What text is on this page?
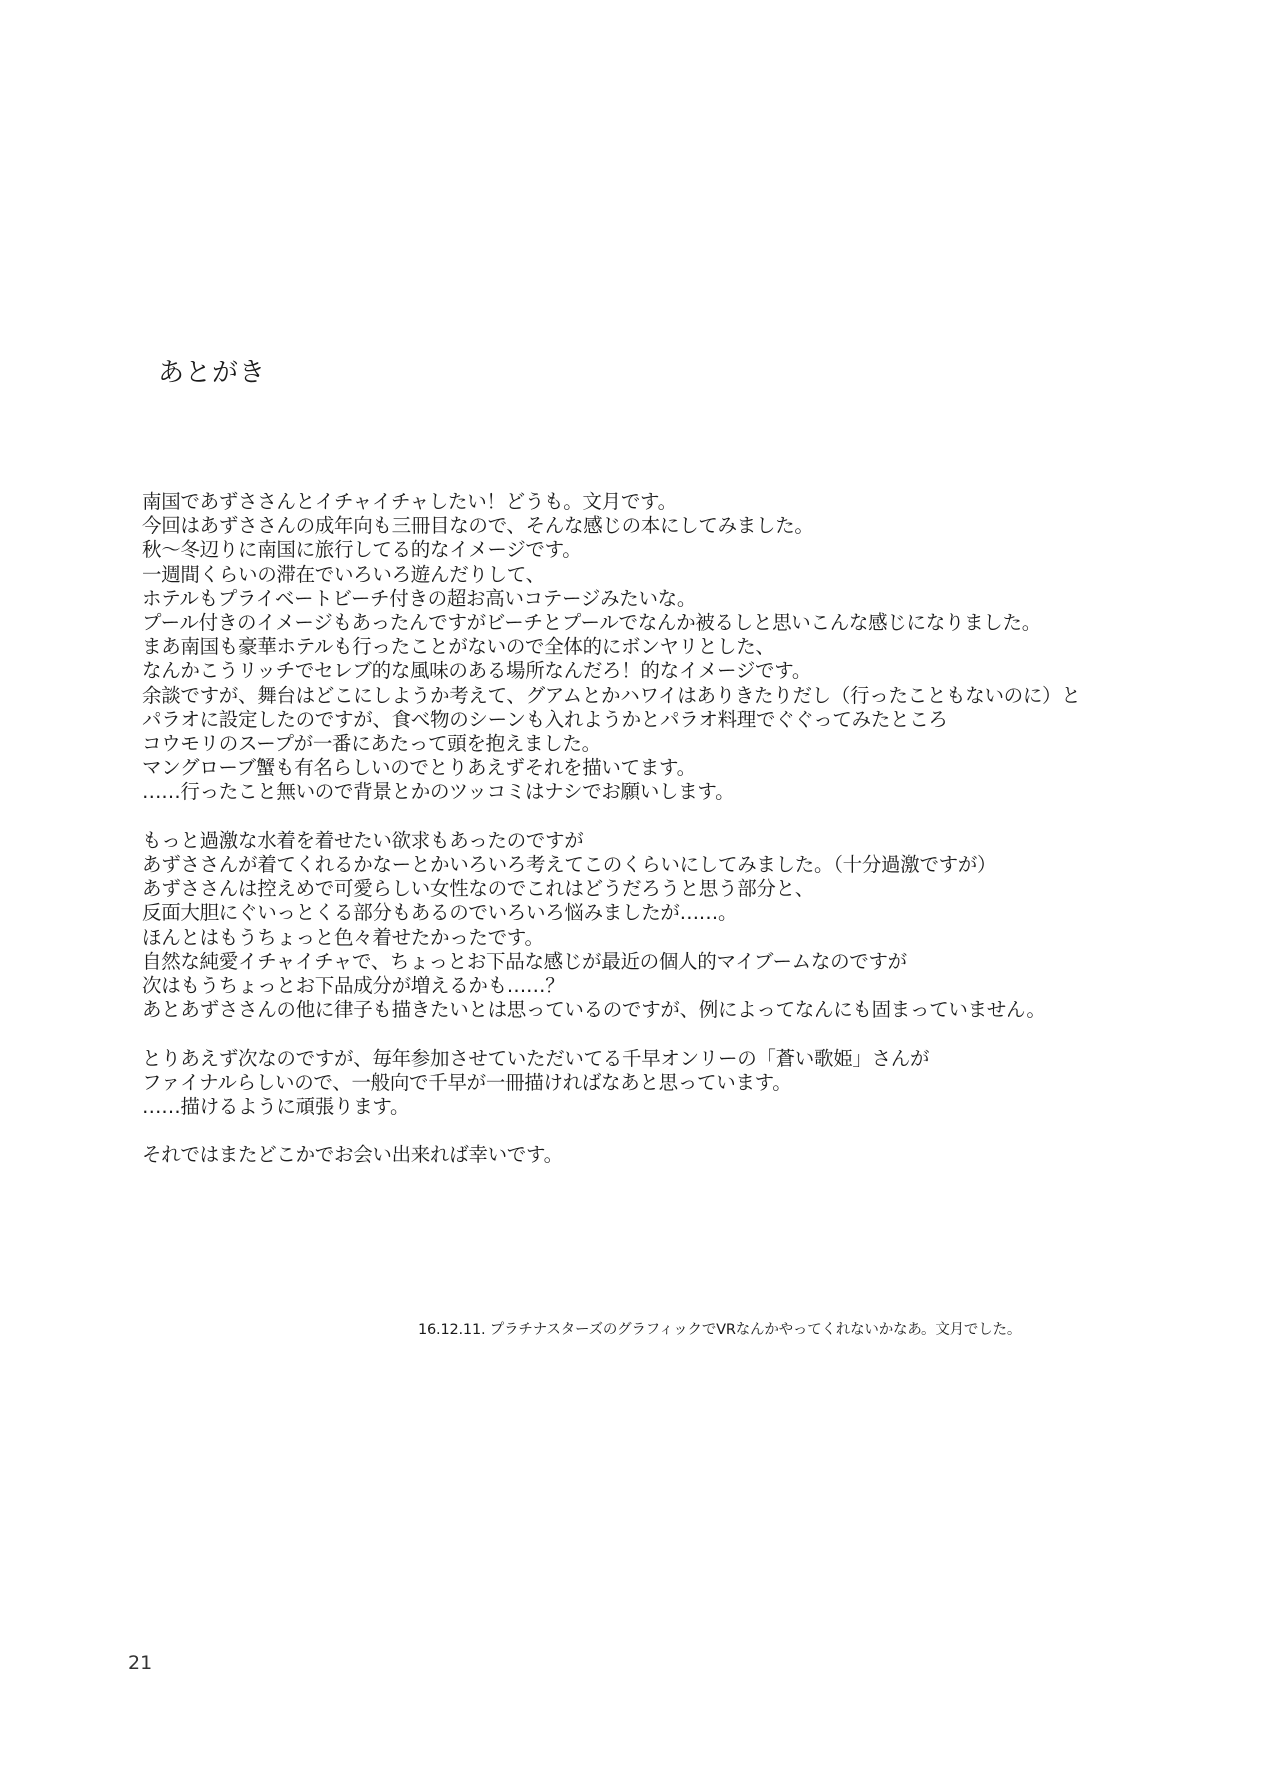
あとがき
南国であずささんとイチャイチャしたい！どうも。文月です。
今回はあずささんの成年向も三冊目なので、そんな感じの本にしてみました。
秋〜冬辺りに南国に旅行してる的なイメージです。
一週間くらいの滞在でいろいろ遊んだりして、
ホテルもプライベートビーチ付きの超お高いコテージみたいな。
プール付きのイメージもあったんですがビーチとプールでなんか被るしと思いこんな感じになりました。
まあ南国も豪華ホテルも行ったことがないので全体的にボンヤリとした、
なんかこうリッチでセレブ的な風味のある場所なんだろ！的なイメージです。
余談ですが、舞台はどこにしようか考えて、グアムとかハワイはありきたりだし（行ったこともないのに）と
パラオに設定したのですが、食べ物のシーンも入れようかとパラオ料理でぐぐってみたところ
コウモリのスープが一番にあたって頭を抱えました。
マングローブ蟹も有名らしいのでとりあえずそれを描いてます。
……行ったこと無いので背景とかのツッコミはナシでお願いします。
もっと過激な水着を着せたい欲求もあったのですが
あずささんが着てくれるかなーとかいろいろ考えてこのくらいにしてみました。（十分過激ですが）
あずささんは控えめで可愛らしい女性なのでこれはどうだろうと思う部分と、
反面大胆にぐいっとくる部分もあるのでいろいろ悩みましたが……。
ほんとはもうちょっと色々着せたかったです。
自然な純愛イチャイチャで、ちょっとお下品な感じが最近の個人的マイブームなのですが
次はもうちょっとお下品成分が増えるかも……？
あとあずささんの他に律子も描きたいとは思っているのですが、例によってなんにも固まっていません。
とりあえず次なのですが、毎年参加させていただいてる千早オンリーの「蒼い歌姫」さんが
ファイナルらしいので、一般向で千早が一冊描ければなあと思っています。
……描けるように頑張ります。
それではまたどこかでお会い出来れば幸いです。
16.12.11. プラチナスターズのグラフィックでVRなんかやってくれないかなあ。文月でした。
21
